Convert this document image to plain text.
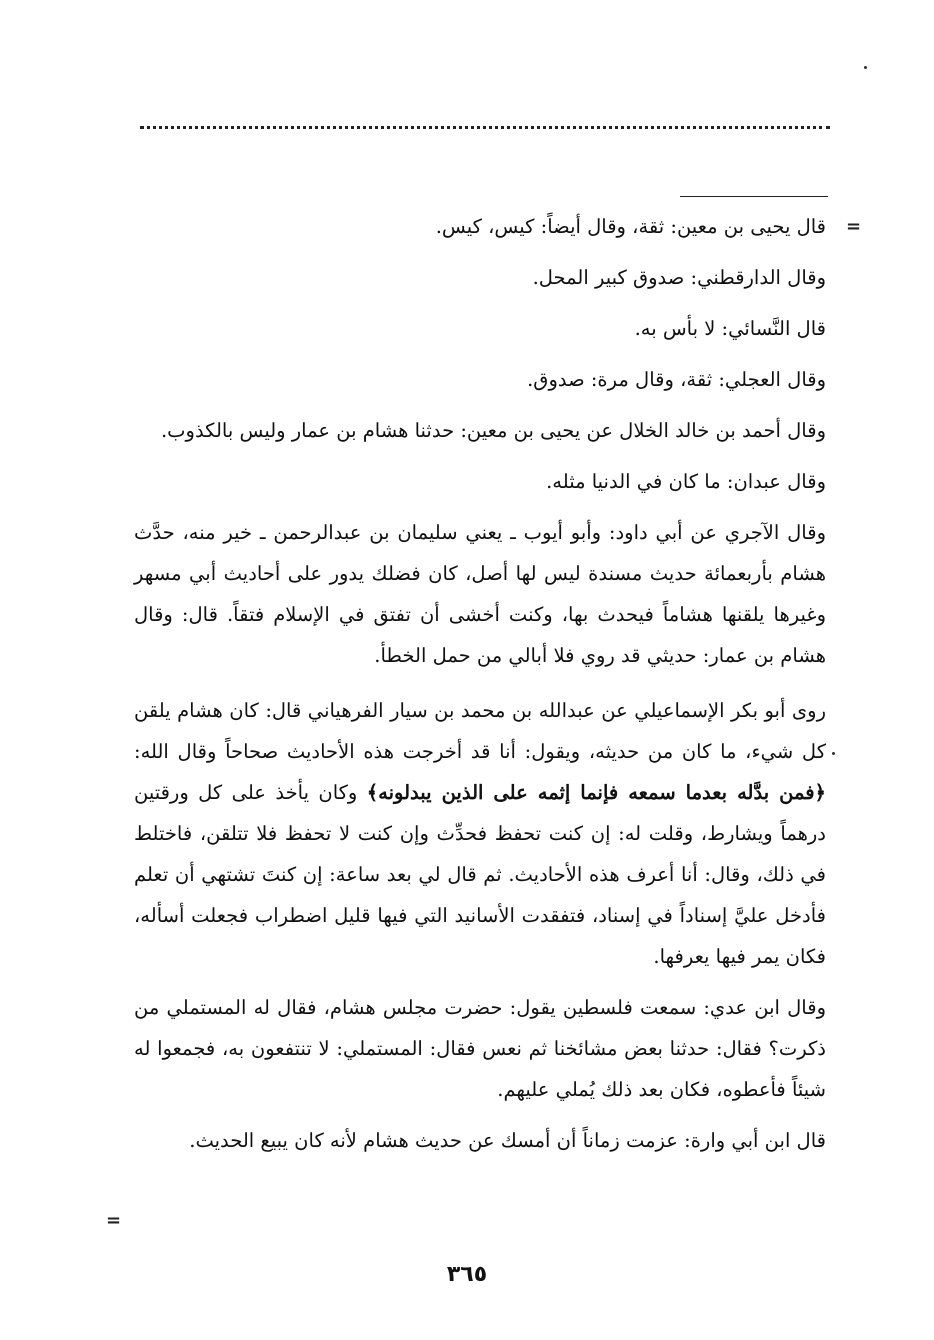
=

قال يحيى بن معين: ثقة، وقال أيضاً: كيس، كيس.

وقال الدارقطني: صدوق كبير المحل.

قال النَّسائي: لا بأس به.

وقال العجلي: ثقة، وقال مرة: صدوق.

وقال أحمد بن خالد الخلال عن يحيى بن معين: حدثنا هشام بن عمار وليس بالكذوب.

وقال عبدان: ما كان في الدنيا مثله.

وقال الآجري عن أبي داود: وأبو أيوب ـ يعني سليمان بن عبدالرحمن ـ خير منه، حدَّث هشام بأربعمائة حديث مسندة ليس لها أصل، كان فضلك يدور على أحاديث أبي مسهر وغيرها يلقنها هشاماً فيحدث بها، وكنت أخشى أن تفتق في الإسلام فتقاً. قال: وقال هشام بن عمار: حديثي قد روي فلا أبالي من حمل الخطأ.

روى أبو بكر الإسماعيلي عن عبدالله بن محمد بن سيار الفرهياني قال: كان هشام يلقن كل شيء، ما كان من حديثه، ويقول: أنا قد أخرجت هذه الأحاديث صحاحاً وقال الله: ﴿فمن بدَّله بعدما سمعه فإنما إثمه على الذين يبدلونه﴾ وكان يأخذ على كل ورقتين درهماً ويشارط، وقلت له: إن كنت تحفظ فحدِّث وإن كنت لا تحفظ فلا تتلقن، فاختلط في ذلك، وقال: أنا أعرف هذه الأحاديث. ثم قال لي بعد ساعة: إن كنتَ تشتهي أن تعلم فأدخل عليَّ إسناداً في إسناد، فتفقدت الأسانيد التي فيها قليل اضطراب فجعلت أسأله، فكان يمر فيها يعرفها.

وقال ابن عدي: سمعت فلسطين يقول: حضرت مجلس هشام، فقال له المستملي من ذكرت؟ فقال: حدثنا بعض مشائخنا ثم نعس فقال: المستملي: لا تنتفعون به، فجمعوا له شيئاً فأعطوه، فكان بعد ذلك يُملي عليهم.

قال ابن أبي وارة: عزمت زماناً أن أمسك عن حديث هشام لأنه كان يبيع الحديث.

=
٣٦٥
